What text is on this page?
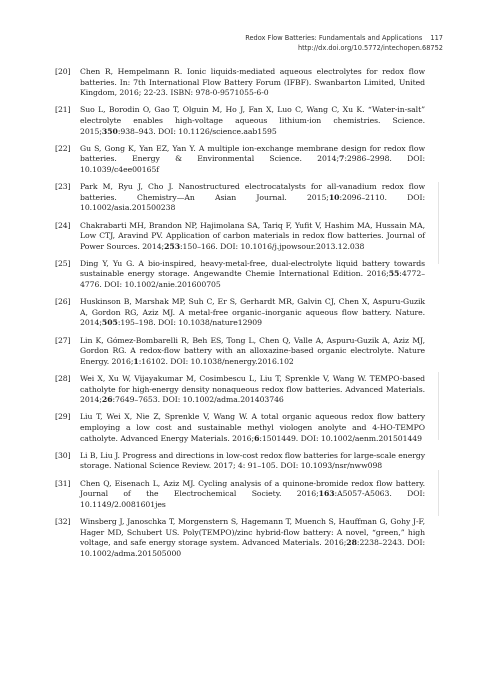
Redox Flow Batteries: Fundamentals and Applications 117
http://dx.doi.org/10.5772/intechopen.68752
[20]	Chen R, Hempelmann R. Ionic liquids-mediated aqueous electrolytes for redox flow batteries. In: 7th International Flow Battery Forum (IFBF). Swanbarton Limited, United Kingdom, 2016; 22-23. ISBN: 978-0-9571055-6-0
[21]	Suo L, Borodin O, Gao T, Olguin M, Ho J, Fan X, Luo C, Wang C, Xu K. “Water-in-salt” electrolyte enables high-voltage aqueous lithium-ion chemistries. Science. 2015;350:938–943. DOI: 10.1126/science.aab1595
[22]	Gu S, Gong K, Yan EZ, Yan Y. A multiple ion-exchange membrane design for redox flow batteries. Energy & Environmental Science. 2014;7:2986–2998. DOI: 10.1039/c4ee00165f
[23]	Park M, Ryu J, Cho J. Nanostructured electrocatalysts for all-vanadium redox flow batteries. Chemistry—An Asian Journal. 2015;10:2096–2110. DOI: 10.1002/asia.201500238
[24]	Chakrabarti MH, Brandon NP, Hajimolana SA, Tariq F, Yufit V, Hashim MA, Hussain MA, Low CTJ, Aravind PV. Application of carbon materials in redox flow batteries. Journal of Power Sources. 2014;253:150–166. DOI: 10.1016/j.jpowsour.2013.12.038
[25]	Ding Y, Yu G. A bio-inspired, heavy-metal-free, dual-electrolyte liquid battery towards sustainable energy storage. Angewandte Chemie International Edition. 2016;55:4772–4776. DOI: 10.1002/anie.201600705
[26]	Huskinson B, Marshak MP, Suh C, Er S, Gerhardt MR, Galvin CJ, Chen X, Aspuru-Guzik A, Gordon RG, Aziz MJ. A metal-free organic–inorganic aqueous flow battery. Nature. 2014;505:195–198. DOI: 10.1038/nature12909
[27]	Lin K, Gómez-Bombarelli R, Beh ES, Tong L, Chen Q, Valle A, Aspuru-Guzik A, Aziz MJ, Gordon RG. A redox-flow battery with an alloxazine-based organic electrolyte. Nature Energy. 2016;1:16102. DOI: 10.1038/nenergy.2016.102
[28]	Wei X, Xu W, Vijayakumar M, Cosimbescu L, Liu T, Sprenkle V, Wang W. TEMPO-based catholyte for high-energy density nonaqueous redox flow batteries. Advanced Materials. 2014;26:7649–7653. DOI: 10.1002/adma.201403746
[29]	Liu T, Wei X, Nie Z, Sprenkle V, Wang W. A total organic aqueous redox flow battery employing a low cost and sustainable methyl viologen anolyte and 4-HO-TEMPO catholyte. Advanced Energy Materials. 2016;6:1501449. DOI: 10.1002/aenm.201501449
[30]	Li B, Liu J. Progress and directions in low-cost redox flow batteries for large-scale energy storage. National Science Review. 2017; 4: 91–105. DOI: 10.1093/nsr/nww098
[31]	Chen Q, Eisenach L, Aziz MJ. Cycling analysis of a quinone-bromide redox flow battery. Journal of the Electrochemical Society. 2016;163:A5057-A5063. DOI: 10.1149/2.0081601jes
[32]	Winsberg J, Janoschka T, Morgenstern S, Hagemann T, Muench S, Hauffman G, Gohy J-F, Hager MD, Schubert US. Poly(TEMPO)/zinc hybrid-flow battery: A novel, “green,” high voltage, and safe energy storage system. Advanced Materials. 2016;28:2238–2243. DOI: 10.1002/adma.201505000
